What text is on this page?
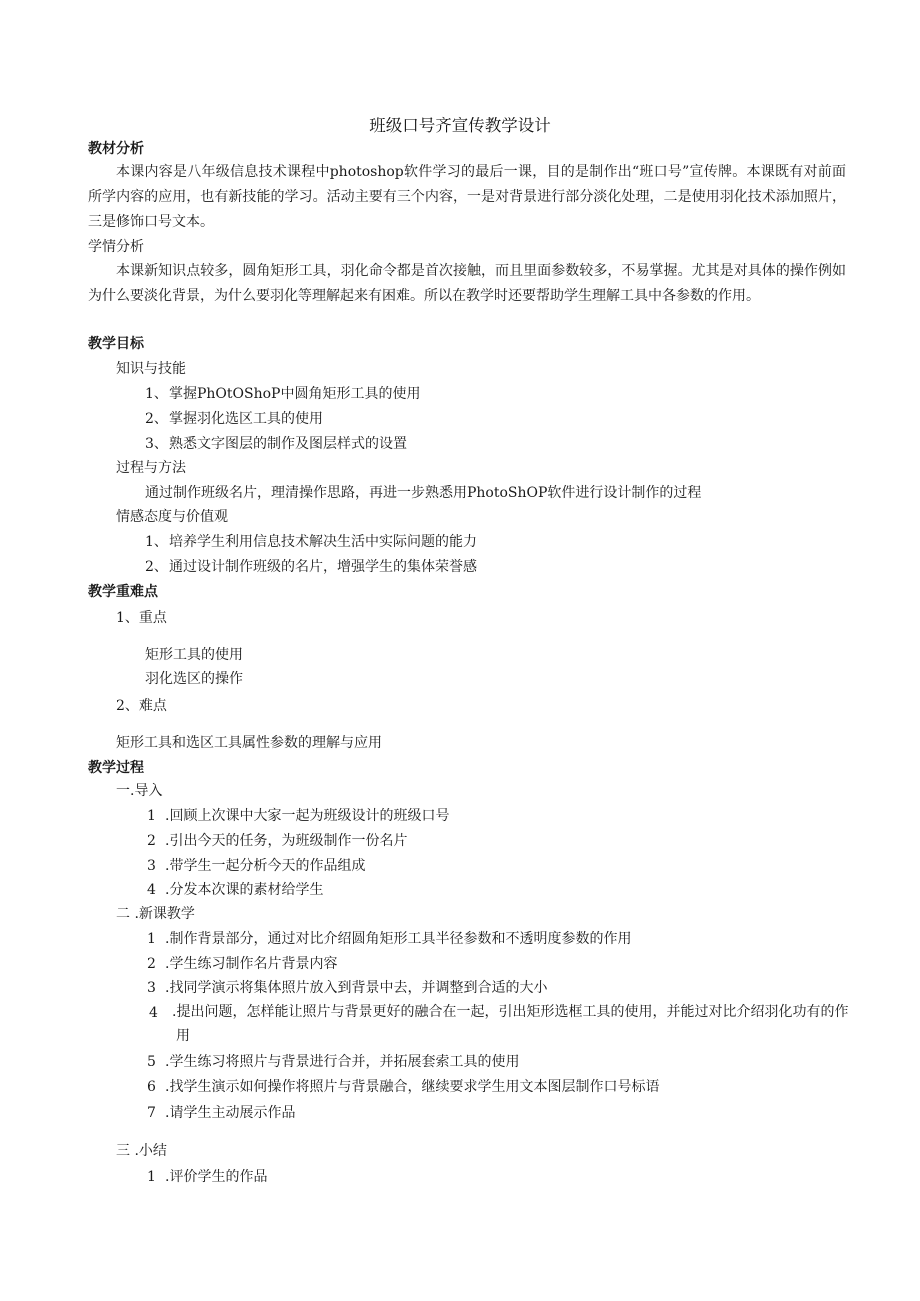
班级口号齐宣传教学设计
教材分析
本课内容是八年级信息技术课程中photoshop软件学习的最后一课，目的是制作出“班口号”宣传牌。本课既有对前面所学内容的应用，也有新技能的学习。活动主要有三个内容，一是对背景进行部分淡化处理，二是使用羽化技术添加照片，三是修饰口号文本。
学情分析
本课新知识点较多，圆角矩形工具，羽化命令都是首次接触，而且里面参数较多，不易掌握。尤其是对具体的操作例如为什么要淡化背景，为什么要羽化等理解起来有困难。所以在教学时还要帮助学生理解工具中各参数的作用。
教学目标
知识与技能
1、掌握PhOtOShoP中圆角矩形工具的使用
2、掌握羽化选区工具的使用
3、熟悉文字图层的制作及图层样式的设置
过程与方法
通过制作班级名片，理清操作思路，再进一步熟悉用PhotoShOP软件进行设计制作的过程
情感态度与价值观
1、培养学生利用信息技术解决生活中实际问题的能力
2、通过设计制作班级的名片，增强学生的集体荣誉感
教学重难点
1、重点
矩形工具的使用
羽化选区的操作
2、难点
矩形工具和选区工具属性参数的理解与应用
教学过程
一.导入
1 .回顾上次课中大家一起为班级设计的班级口号
2 .引出今天的任务，为班级制作一份名片
3 .带学生一起分析今天的作品组成
4 .分发本次课的素材给学生
二 .新课教学
1 .制作背景部分，通过对比介绍圆角矩形工具半径参数和不透明度参数的作用
2 .学生练习制作名片背景内容
3 .找同学演示将集体照片放入到背景中去，并调整到合适的大小
4 .提出问题，怎样能让照片与背景更好的融合在一起，引出矩形选框工具的使用，并能过对比介绍羽化功有的作用
5 .学生练习将照片与背景进行合并，并拓展套索工具的使用
6 .找学生演示如何操作将照片与背景融合，继续要求学生用文本图层制作口号标语
7 .请学生主动展示作品
三 .小结
1 .评价学生的作品
